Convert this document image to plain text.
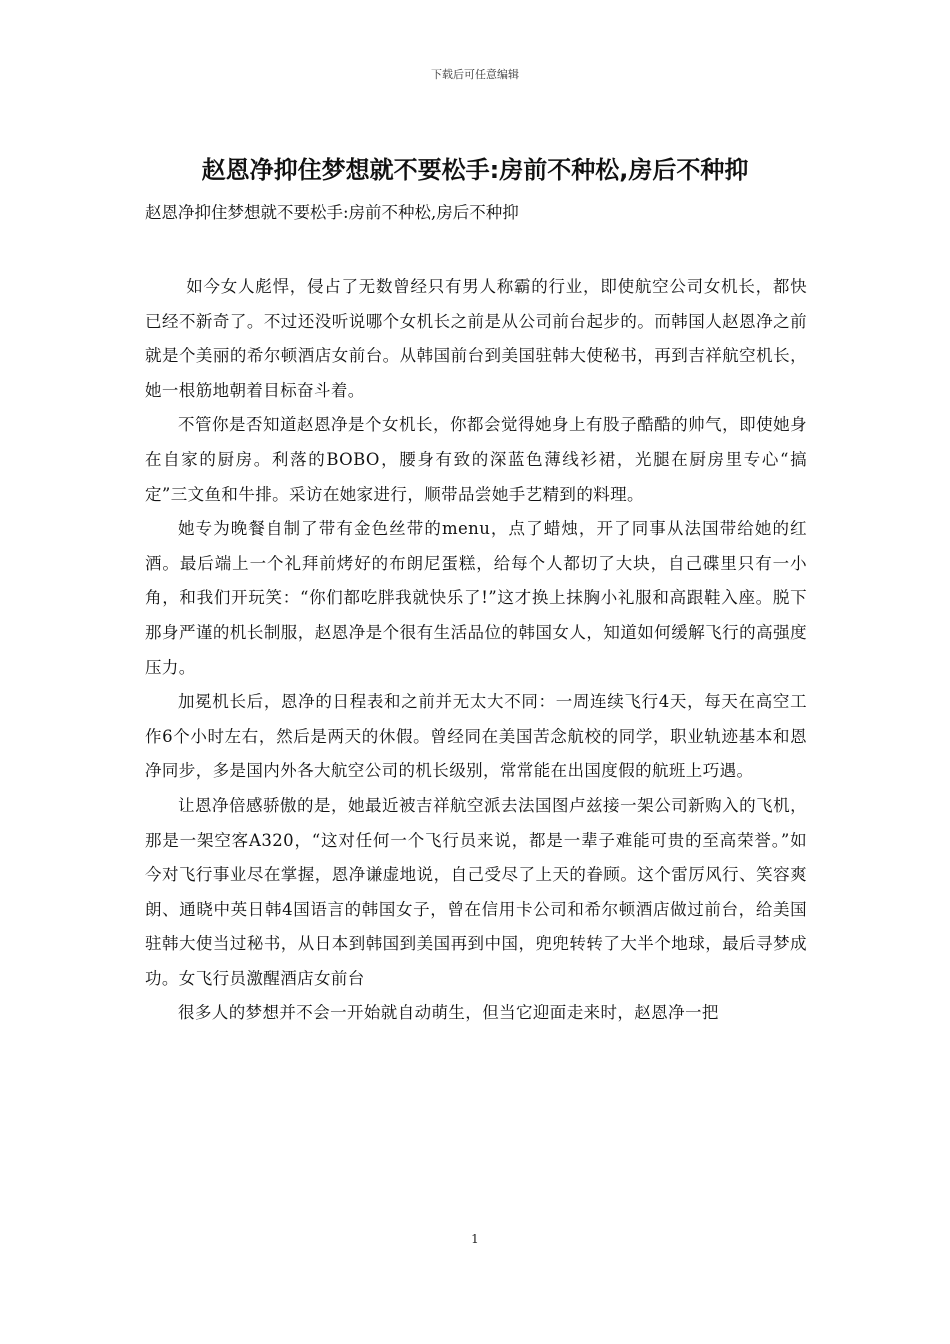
下载后可任意编辑
赵恩净抑住梦想就不要松手:房前不种松,房后不种抑

赵恩净抑住梦想就不要松手:房前不种松,房后不种抑

如今女人彪悍，侵占了无数曾经只有男人称霸的行业，即使航空公司女机长，都快已经不新奇了。不过还没听说哪个女机长之前是从公司前台起步的。而韩国人赵恩净之前就是个美丽的希尔顿酒店女前台。从韩国前台到美国驻韩大使秘书，再到吉祥航空机长，她一根筋地朝着目标奋斗着。

不管你是否知道赵恩净是个女机长，你都会觉得她身上有股子酷酷的帅气，即使她身在自家的厨房。利落的BOBO，腰身有致的深蓝色薄线衫裙，光腿在厨房里专心“搞定”三文鱼和牛排。采访在她家进行，顺带品尝她手艺精到的料理。

她专为晚餐自制了带有金色丝带的menu，点了蜡烛，开了同事从法国带给她的红酒。最后端上一个礼拜前烤好的布朗尼蛋糕，给每个人都切了大块，自己碟里只有一小角，和我们开玩笑：“你们都吃胖我就快乐了!”这才换上抹胸小礼服和高跟鞋入座。脱下那身严谨的机长制服，赵恩净是个很有生活品位的韩国女人，知道如何缓解飞行的高强度压力。

加冕机长后，恩净的日程表和之前并无太大不同：一周连续飞行4天，每天在高空工作6个小时左右，然后是两天的休假。曾经同在美国苦念航校的同学，职业轨迹基本和恩净同步，多是国内外各大航空公司的机长级别，常常能在出国度假的航班上巧遇。

让恩净倍感骄傲的是，她最近被吉祥航空派去法国图卢兹接一架公司新购入的飞机，那是一架空客A320，“这对任何一个飞行员来说，都是一辈子难能可贵的至高荣誉。”如今对飞行事业尽在掌握，恩净谦虚地说，自己受尽了上天的眷顾。这个雷厉风行、笑容爽朗、通晓中英日韩4国语言的韩国女子，曾在信用卡公司和希尔顿酒店做过前台，给美国驻韩大使当过秘书，从日本到韩国到美国再到中国，兜兜转转了大半个地球，最后寻梦成功。女飞行员激醒酒店女前台

很多人的梦想并不会一开始就自动萌生，但当它迎面走来时，赵恩净一把

1
